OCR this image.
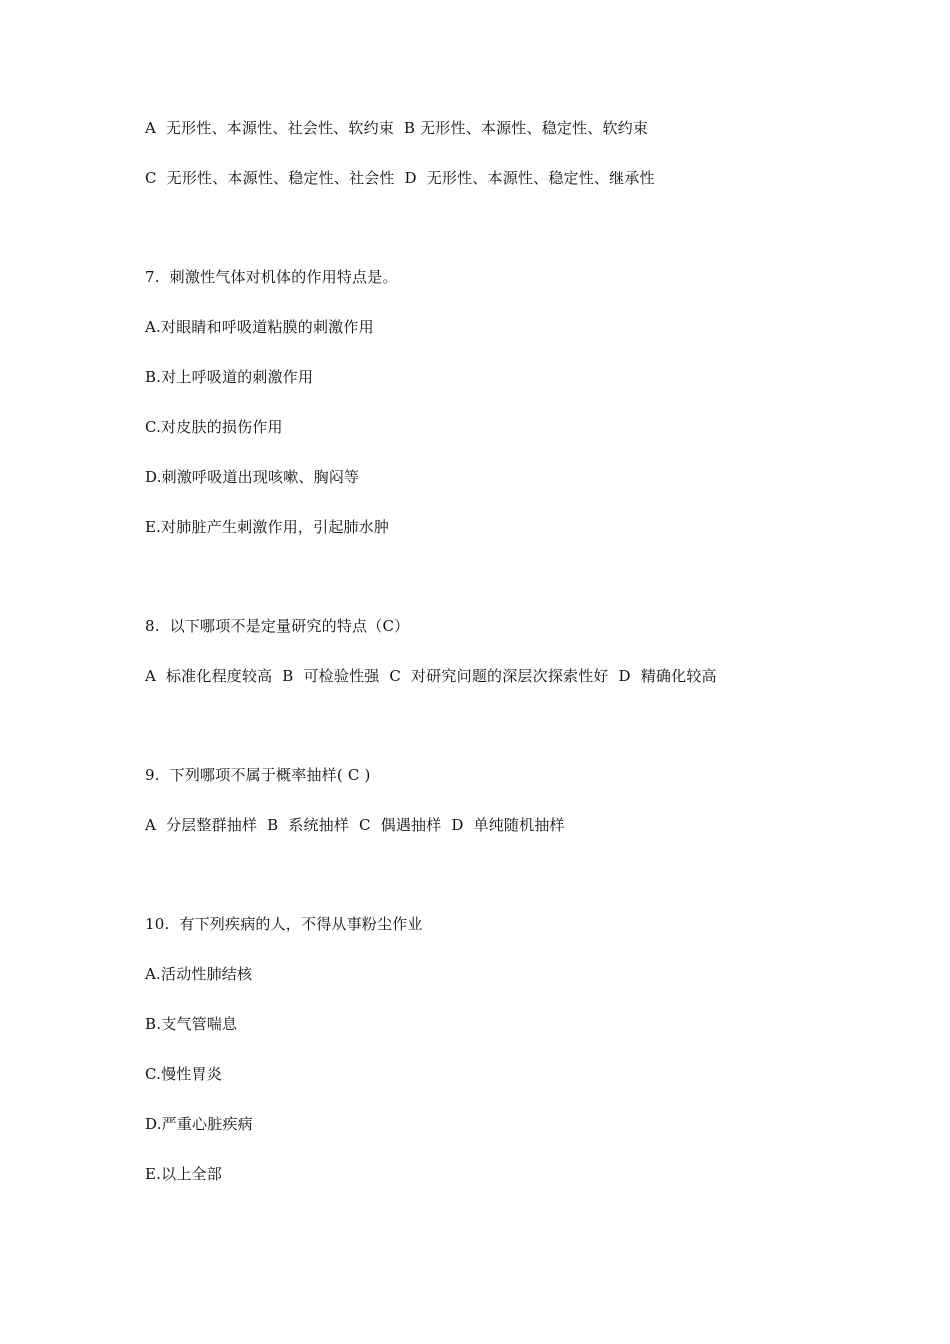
A  无形性、本源性、社会性、软约束  B 无形性、本源性、稳定性、软约束
C  无形性、本源性、稳定性、社会性  D  无形性、本源性、稳定性、继承性
7.  刺激性气体对机体的作用特点是。
A.对眼睛和呼吸道粘膜的刺激作用
B.对上呼吸道的刺激作用
C.对皮肤的损伤作用
D.刺激呼吸道出现咳嗽、胸闷等
E.对肺脏产生刺激作用，引起肺水肿
8.  以下哪项不是定量研究的特点（C）
A  标准化程度较高  B  可检验性强  C  对研究问题的深层次探索性好  D  精确化较高
9.  下列哪项不属于概率抽样( C )
A  分层整群抽样  B  系统抽样  C  偶遇抽样  D  单纯随机抽样
10.  有下列疾病的人，不得从事粉尘作业
A.活动性肺结核
B.支气管喘息
C.慢性胃炎
D.严重心脏疾病
E.以上全部
